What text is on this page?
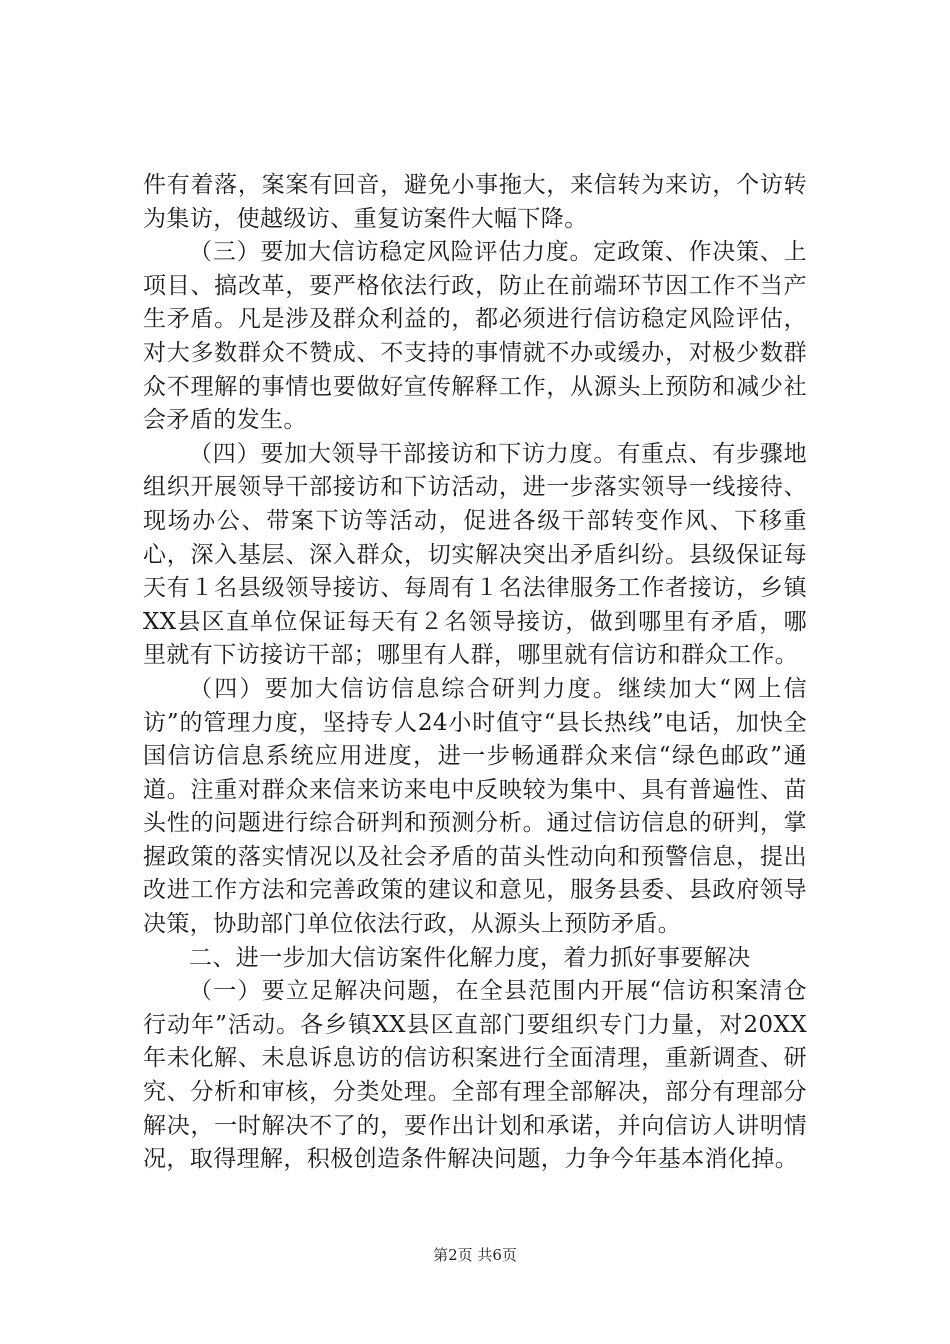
件有着落，案案有回音，避免小事拖大，来信转为来访，个访转为集访，使越级访、重复访案件大幅下降。

（三）要加大信访稳定风险评估力度。定政策、作决策、上项目、搞改革，要严格依法行政，防止在前端环节因工作不当产生矛盾。凡是涉及群众利益的，都必须进行信访稳定风险评估，对大多数群众不赞成、不支持的事情就不办或缓办，对极少数群众不理解的事情也要做好宣传解释工作，从源头上预防和减少社会矛盾的发生。

（四）要加大领导干部接访和下访力度。有重点、有步骤地组织开展领导干部接访和下访活动，进一步落实领导一线接待、现场办公、带案下访等活动，促进各级干部转变作风、下移重心，深入基层、深入群众，切实解决突出矛盾纠纷。县级保证每天有１名县级领导接访、每周有１名法律服务工作者接访，乡镇XX县区直单位保证每天有２名领导接访，做到哪里有矛盾，哪里就有下访接访干部；哪里有人群，哪里就有信访和群众工作。

（四）要加大信访信息综合研判力度。继续加大“网上信访”的管理力度，坚持专人24小时值守“县长热线”电话，加快全国信访信息系统应用进度，进一步畅通群众来信“绿色邮政”通道。注重对群众来信来访来电中反映较为集中、具有普遍性、苗头性的问题进行综合研判和预测分析。通过信访信息的研判，掌握政策的落实情况以及社会矛盾的苗头性动向和预警信息，提出改进工作方法和完善政策的建议和意见，服务县委、县政府领导决策，协助部门单位依法行政，从源头上预防矛盾。

二、进一步加大信访案件化解力度，着力抓好事要解决

（一）要立足解决问题，在全县范围内开展“信访积案清仓行动年”活动。各乡镇XX县区直部门要组织专门力量，对20XX年未化解、未息诉息访的信访积案进行全面清理，重新调查、研究、分析和审核，分类处理。全部有理全部解决，部分有理部分解决，一时解决不了的，要作出计划和承诺，并向信访人讲明情况，取得理解，积极创造条件解决问题，力争今年基本消化掉。

第2页 共6页
